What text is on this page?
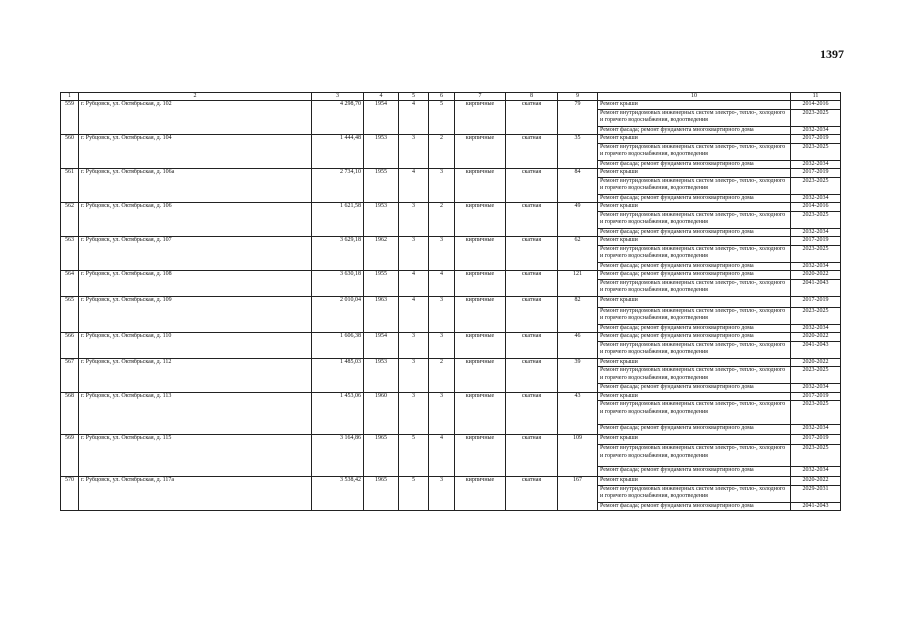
1397
1	2	3	4	5	6	7	8	9	10	11
559	г. Рубцовск, ул. Октябрьская, д. 102	4 298,70	1954	4	5	кирпичные	скатная	79	Ремонт крыши	2014-2016
									Ремонт внутридомовых инженерных систем электро-, тепло-, холодного и горячего водоснабжения, водоотведения	2023-2025
									Ремонт фасада; ремонт фундамента многоквартирного дома	2032-2034
560	г. Рубцовск, ул. Октябрьская, д. 104	1 444,48	1953	3	2	кирпичные	скатная	35	Ремонт крыши	2017-2019
									Ремонт внутридомовых инженерных систем электро-, тепло-, холодного и горячего водоснабжения, водоотведения	2023-2025
									Ремонт фасада; ремонт фундамента многоквартирного дома	2032-2034
561	г. Рубцовск, ул. Октябрьская, д. 106а	2 734,10	1955	4	3	кирпичные	скатная	84	Ремонт крыши	2017-2019
									Ремонт внутридомовых инженерных систем электро-, тепло-, холодного и горячего водоснабжения, водоотведения	2023-2025
									Ремонт фасада; ремонт фундамента многоквартирного дома	2032-2034
562	г. Рубцовск, ул. Октябрьская, д. 106	1 621,58	1953	3	2	кирпичные	скатная	49	Ремонт крыши	2014-2016
									Ремонт внутридомовых инженерных систем электро-, тепло-, холодного и горячего водоснабжения, водоотведения	2023-2025
									Ремонт фасада; ремонт фундамента многоквартирного дома	2032-2034
563	г. Рубцовск, ул. Октябрьская, д. 107	3 629,18	1962	3	3	кирпичные	скатная	62	Ремонт крыши	2017-2019
									Ремонт внутридомовых инженерных систем электро-, тепло-, холодного и горячего водоснабжения, водоотведения	2023-2025
									Ремонт фасада; ремонт фундамента многоквартирного дома	2032-2034
564	г. Рубцовск, ул. Октябрьская, д. 108	3 630,18	1955	4	4	кирпичные	скатная	121	Ремонт фасада; ремонт фундамента многоквартирного дома	2020-2022
									Ремонт внутридомовых инженерных систем электро-, тепло-, холодного и горячего водоснабжения, водоотведения	2041-2043
565	г. Рубцовск, ул. Октябрьская, д. 109	2 010,04	1963	4	3	кирпичные	скатная	82	Ремонт крыши	2017-2019
									Ремонт внутридомовых инженерных систем электро-, тепло-, холодного и горячего водоснабжения, водоотведения	2023-2025
									Ремонт фасада; ремонт фундамента многоквартирного дома	2032-2034
566	г. Рубцовск, ул. Октябрьская, д. 110	1 606,38	1954	3	3	кирпичные	скатная	46	Ремонт фасада; ремонт фундамента многоквартирного дома	2020-2022
									Ремонт внутридомовых инженерных систем электро-, тепло-, холодного и горячего водоснабжения, водоотведения	2041-2043
567	г. Рубцовск, ул. Октябрьская, д. 112	1 485,03	1953	3	2	кирпичные	скатная	39	Ремонт крыши	2020-2022
									Ремонт внутридомовых инженерных систем электро-, тепло-, холодного и горячего водоснабжения, водоотведения	2023-2025
									Ремонт фасада; ремонт фундамента многоквартирного дома	2032-2034
568	г. Рубцовск, ул. Октябрьская, д. 113	1 453,06	1960	3	3	кирпичные	скатная	43	Ремонт крыши	2017-2019
									Ремонт внутридомовых инженерных систем электро-, тепло-, холодного и горячего водоснабжения, водоотведения	2023-2025
									Ремонт фасада; ремонт фундамента многоквартирного дома	2032-2034
569	г. Рубцовск, ул. Октябрьская, д. 115	3 164,86	1965	5	4	кирпичные	скатная	109	Ремонт крыши	2017-2019
									Ремонт внутридомовых инженерных систем электро-, тепло-, холодного и горячего водоснабжения, водоотведения	2023-2025
									Ремонт фасада; ремонт фундамента многоквартирного дома	2032-2034
570	г. Рубцовск, ул. Октябрьская, д. 117а	3 538,42	1965	5	3	кирпичные	скатная	167	Ремонт крыши	2020-2022
									Ремонт внутридомовых инженерных систем электро-, тепло-, холодного и горячего водоснабжения, водоотведения	2029-2031
									Ремонт фасада; ремонт фундамента многоквартирного дома	2041-2043
